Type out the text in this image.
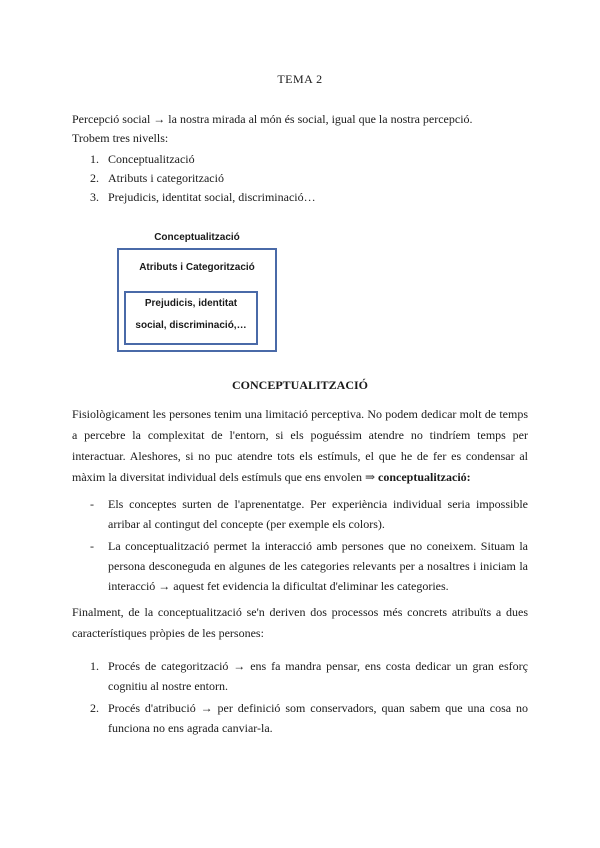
TEMA 2
Percepció social → la nostra mirada al món és social, igual que la nostra percepció.
Trobem tres nivells:
1. Conceptualització
2. Atributs i categorització
3. Prejudicis, identitat social, discriminació…
Conceptualització
Atributs i Categorització
Prejudicis, identitat
social, discriminació,…
CONCEPTUALITZACIÓ

Fisiològicament les persones tenim una limitació perceptiva. No podem dedicar molt de temps a percebre la complexitat de l'entorn, si els poguéssim atendre no tindríem temps per interactuar. Aleshores, si no puc atendre tots els estímuls, el que he de fer es condensar al màxim la diversitat individual dels estímuls que ens envolen ⇒ conceptualització:

- Els conceptes surten de l'aprenentatge. Per experiència individual seria impossible arribar al contingut del concepte (per exemple els colors).
- La conceptualització permet la interacció amb persones que no coneixem. Situam la persona desconeguda en algunes de les categories relevants per a nosaltres i iniciam la interacció → aquest fet evidencia la dificultat d'eliminar les categories.

Finalment, de la conceptualització se'n deriven dos processos més concrets atribuïts a dues característiques pròpies de les persones:

1. Procés de categorització → ens fa mandra pensar, ens costa dedicar un gran esforç cognitiu al nostre entorn.
2. Procés d'atribució → per definició som conservadors, quan sabem que una cosa no funciona no ens agrada canviar-la.
